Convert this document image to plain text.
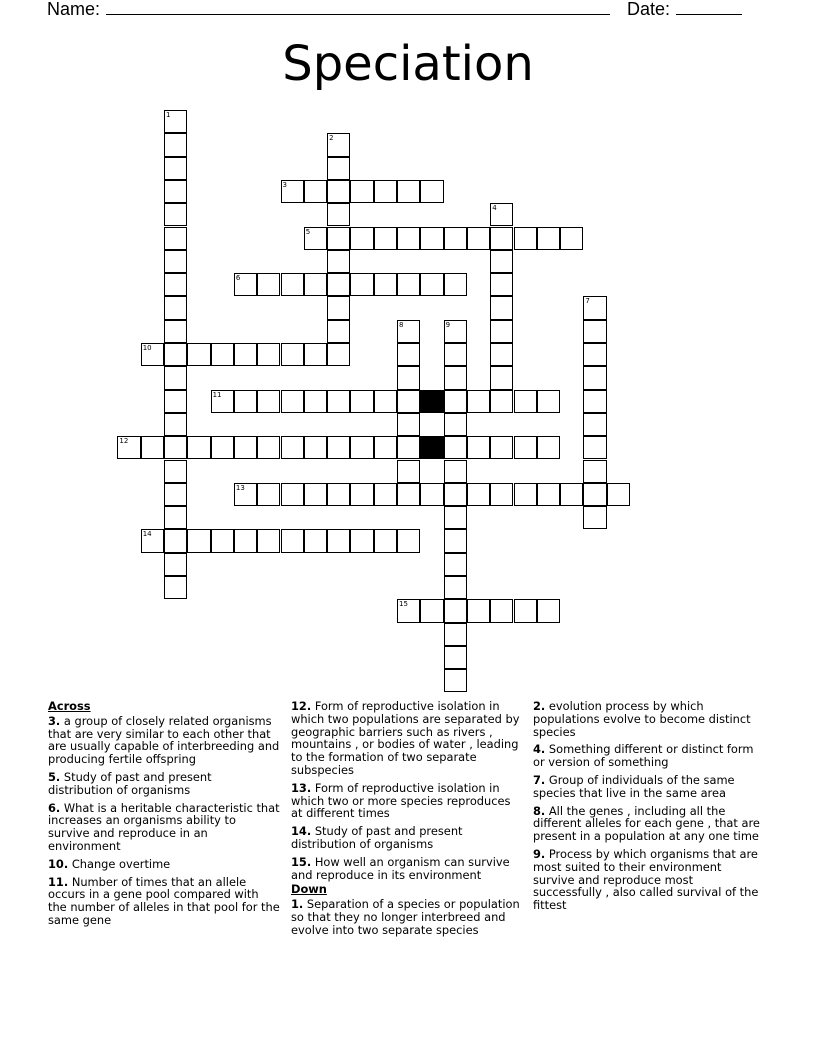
Name:	Date:
Speciation
1
2
3
4
5
6
7
8	9
10
11
12
13
14
15
Across
3. a group of closely related organisms that are very similar to each other that are usually capable of interbreeding and producing fertile offspring
5. Study of past and present distribution of organisms
6. What is a heritable characteristic that increases an organisms ability to survive and reproduce in an environment
10. Change overtime
11. Number of times that an allele occurs in a gene pool compared with the number of alleles in that pool for the same gene
12. Form of reproductive isolation in which two populations are separated by geographic barriers such as rivers , mountains , or bodies of water , leading to the formation of two separate subspecies
13. Form of reproductive isolation in which two or more species reproduces at different times
14. Study of past and present distribution of organisms
15. How well an organism can survive and reproduce in its environment
Down
1. Separation of a species or population so that they no longer interbreed and evolve into two separate species
2. evolution process by which populations evolve to become distinct species
4. Something different or distinct form or version of something
7. Group of individuals of the same species that live in the same area
8. All the genes , including all the different alleles for each gene , that are present in a population at any one time
9. Process by which organisms that are most suited to their environment survive and reproduce most successfully , also called survival of the fittest
